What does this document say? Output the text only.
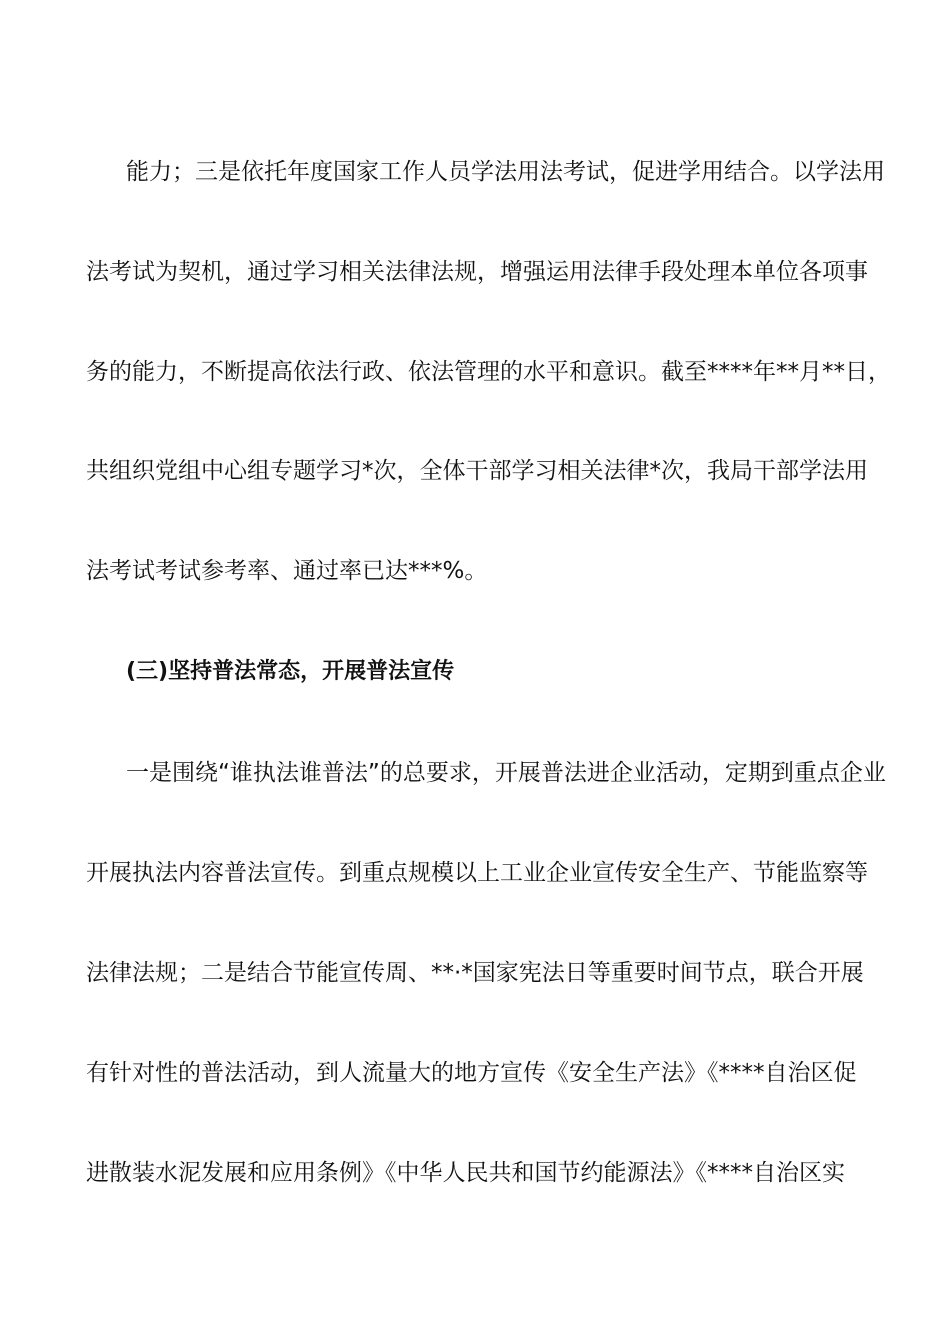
能力；三是依托年度国家工作人员学法用法考试，促进学用结合。以学法用
法考试为契机，通过学习相关法律法规，增强运用法律手段处理本单位各项事
务的能力，不断提高依法行政、依法管理的水平和意识。截至****年**月**日，
共组织党组中心组专题学习*次，全体干部学习相关法律*次，我局干部学法用
法考试考试参考率、通过率已达***%。
(三)坚持普法常态，开展普法宣传
一是围绕“谁执法谁普法”的总要求，开展普法进企业活动，定期到重点企业
开展执法内容普法宣传。到重点规模以上工业企业宣传安全生产、节能监察等
法律法规；二是结合节能宣传周、**·*国家宪法日等重要时间节点，联合开展
有针对性的普法活动，到人流量大的地方宣传《安全生产法》《****自治区促
进散装水泥发展和应用条例》《中华人民共和国节约能源法》《****自治区实
